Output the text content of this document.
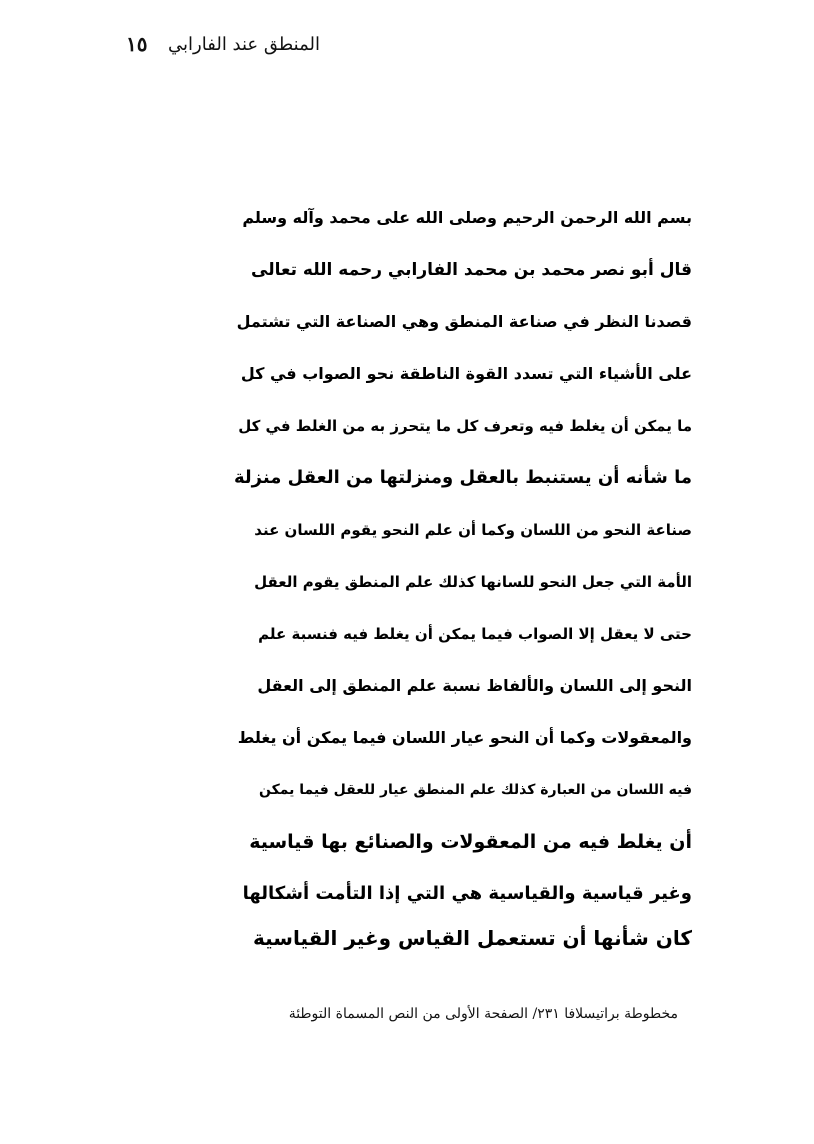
المنطق عند الفارابي
١٥
بسم الله الرحمن الرحيم وصلى الله على محمد وآله وسلم
قال أبو نصر محمد بن محمد الفارابي رحمه الله تعالى
قصدنا النظر في صناعة المنطق وهي الصناعة التي تشتمل
على الأشياء التي تسدد القوة الناطقة نحو الصواب في كل
ما يمكن أن يغلط فيه وتعرف كل ما يتحرز به من الغلط في كل
ما شأنه أن يستنبط بالعقل ومنزلتها من العقل منزلة
صناعة النحو من اللسان وكما أن علم النحو يقوم اللسان عند
الأمة التي جعل النحو للسانها كذلك علم المنطق يقوم العقل
حتى لا يعقل إلا الصواب فيما يمكن أن يغلط فيه فنسبة علم
النحو إلى اللسان والألفاظ نسبة علم المنطق إلى العقل
والمعقولات وكما أن النحو عيار اللسان فيما يمكن أن يغلط
فيه اللسان من العبارة كذلك علم المنطق عيار للعقل فيما يمكن
أن يغلط فيه من المعقولات والصنائع بها قياسية
وغير قياسية والقياسية هي التي إذا التأمت أشكالها
كان شأنها أن تستعمل القياس وغير القياسية
مخطوطة براتيسلافا ٢٣١/ الصفحة الأولى من النص المسماة التوطئة
